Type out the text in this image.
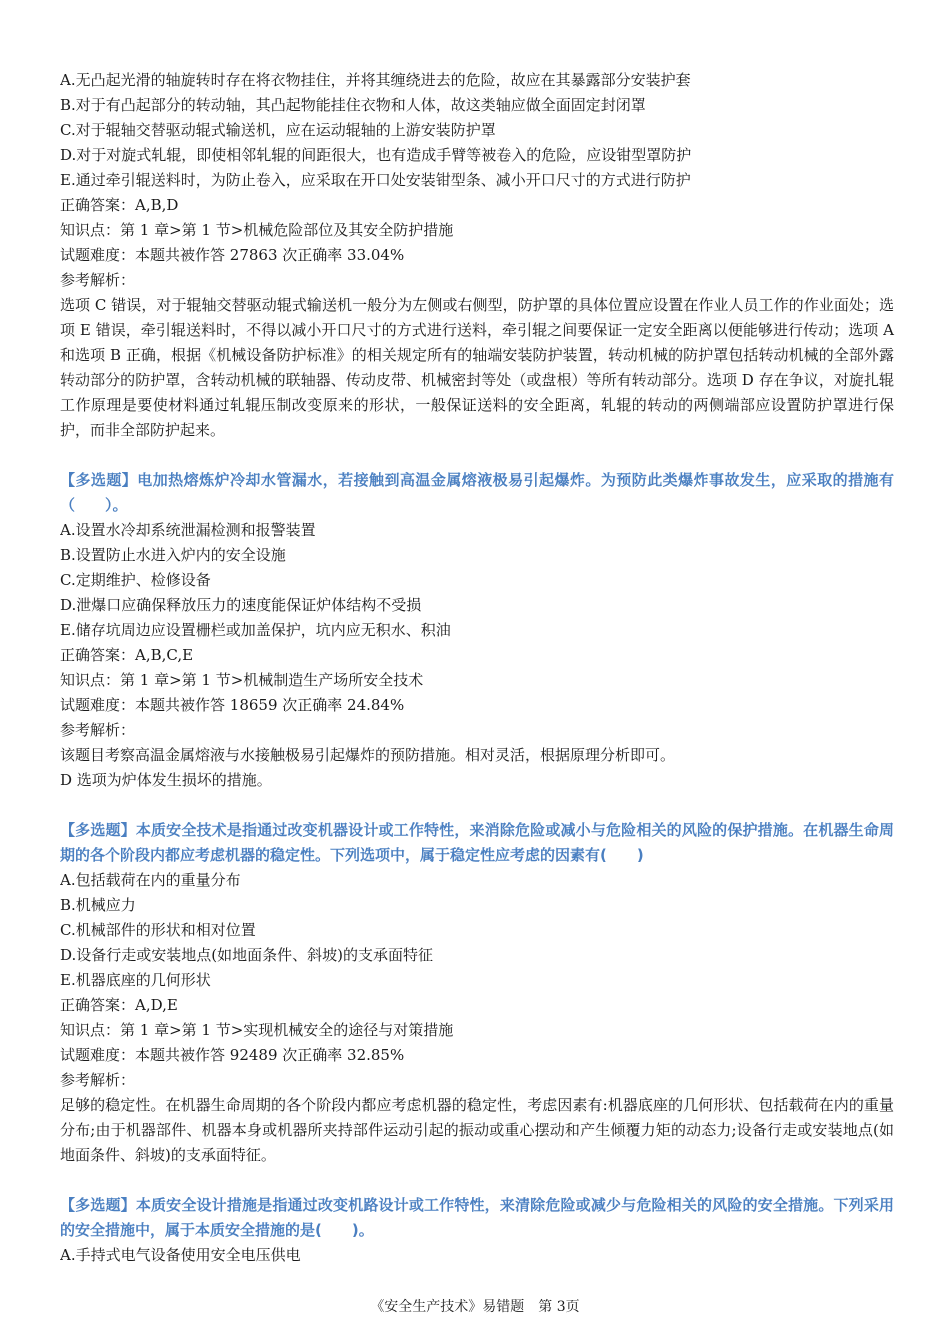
A.无凸起光滑的轴旋转时存在将衣物挂住，并将其缠绕进去的危险，故应在其暴露部分安装护套
B.对于有凸起部分的转动轴，其凸起物能挂住衣物和人体，故这类轴应做全面固定封闭罩
C.对于辊轴交替驱动辊式输送机，应在运动辊轴的上游安装防护罩
D.对于对旋式轧辊，即使相邻轧辊的间距很大，也有造成手臂等被卷入的危险，应设钳型罩防护
E.通过牵引辊送料时，为防止卷入，应采取在开口处安装钳型条、减小开口尺寸的方式进行防护
正确答案：A,B,D
知识点：第 1 章>第 1 节>机械危险部位及其安全防护措施
试题难度：本题共被作答 27863 次正确率 33.04%
参考解析：
选项 C 错误，对于辊轴交替驱动辊式输送机一般分为左侧或右侧型，防护罩的具体位置应设置在作业人员工作的作业面处；选项 E 错误，牵引辊送料时，不得以减小开口尺寸的方式进行送料，牵引辊之间要保证一定安全距离以便能够进行传动；选项 A 和选项 B 正确，根据《机械设备防护标准》的相关规定所有的轴端安装防护装置，转动机械的防护罩包括转动机械的全部外露转动部分的防护罩，含转动机械的联轴器、传动皮带、机械密封等处（或盘根）等所有转动部分。选项 D 存在争议，对旋扎辊工作原理是要使材料通过轧辊压制改变原来的形状，一般保证送料的安全距离，轧辊的转动的两侧端部应设置防护罩进行保护，而非全部防护起来。
【多选题】电加热熔炼炉冷却水管漏水，若接触到高温金属熔液极易引起爆炸。为预防此类爆炸事故发生，应采取的措施有（　　）。
A.设置水冷却系统泄漏检测和报警装置
B.设置防止水进入炉内的安全设施
C.定期维护、检修设备
D.泄爆口应确保释放压力的速度能保证炉体结构不受损
E.储存坑周边应设置栅栏或加盖保护，坑内应无积水、积油
正确答案：A,B,C,E
知识点：第 1 章>第 1 节>机械制造生产场所安全技术
试题难度：本题共被作答 18659 次正确率 24.84%
参考解析：
该题目考察高温金属熔液与水接触极易引起爆炸的预防措施。相对灵活，根据原理分析即可。
D 选项为炉体发生损坏的措施。
【多选题】本质安全技术是指通过改变机器设计或工作特性，来消除危险或减小与危险相关的风险的保护措施。在机器生命周期的各个阶段内都应考虑机器的稳定性。下列选项中，属于稳定性应考虑的因素有(　　)
A.包括载荷在内的重量分布
B.机械应力
C.机械部件的形状和相对位置
D.设备行走或安装地点(如地面条件、斜坡)的支承面特征
E.机器底座的几何形状
正确答案：A,D,E
知识点：第 1 章>第 1 节>实现机械安全的途径与对策措施
试题难度：本题共被作答 92489 次正确率 32.85%
参考解析：
足够的稳定性。在机器生命周期的各个阶段内都应考虑机器的稳定性，考虑因素有:机器底座的几何形状、包括载荷在内的重量分布;由于机器部件、机器本身或机器所夹持部件运动引起的振动或重心摆动和产生倾覆力矩的动态力;设备行走或安装地点(如地面条件、斜坡)的支承面特征。
【多选题】本质安全设计措施是指通过改变机路设计或工作特性，来清除危险或减少与危险相关的风险的安全措施。下列采用的安全措施中，属于本质安全措施的是(　　)。
A.手持式电气设备使用安全电压供电
《安全生产技术》易错题　第 3页
